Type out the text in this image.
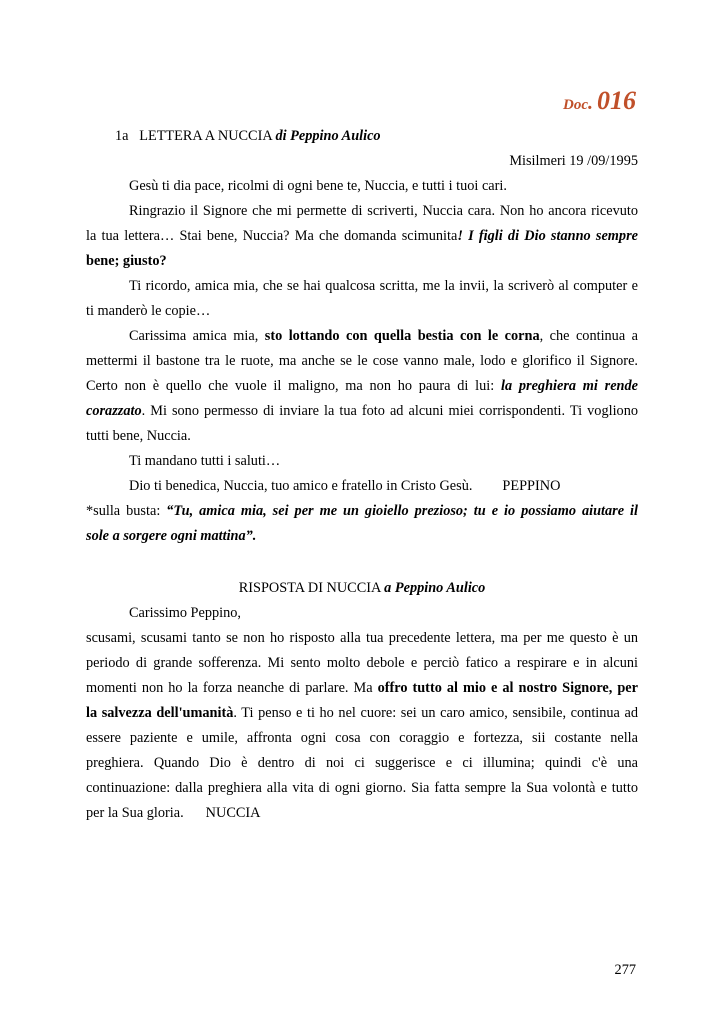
Doc. 016
1a LETTERA A NUCCIA di Peppino Aulico
Misilmeri 19 /09/1995
Gesù ti dia pace, ricolmi di ogni bene te, Nuccia, e tutti i tuoi cari.
Ringrazio il Signore che mi permette di scriverti, Nuccia cara. Non ho ancora ricevuto
la tua lettera… Stai bene, Nuccia? Ma che domanda scimunita! I figli di Dio stanno sempre
bene; giusto?
Ti ricordo, amica mia, che se hai qualcosa scritta, me la invii, la scriverò al computer e
ti manderò le copie…
Carissima amica mia, sto lottando con quella bestia con le corna, che continua a
mettermi il bastone tra le ruote, ma anche se le cose vanno male, lodo e glorifico il Signore.
Certo non è quello che vuole il maligno, ma non ho paura di lui: la preghiera mi rende
corazzato. Mi sono permesso di inviare la tua foto ad alcuni miei corrispondenti. Ti vogliono
tutti bene, Nuccia.
Ti mandano tutti i saluti…
Dio ti benedica, Nuccia, tuo amico e fratello in Cristo Gesù. PEPPINO
*sulla busta: “Tu, amica mia, sei per me un gioiello prezioso; tu e io possiamo aiutare il
sole a sorgere ogni mattina”.
RISPOSTA DI NUCCIA a Peppino Aulico
Carissimo Peppino,
scusami, scusami tanto se non ho risposto alla tua precedente lettera, ma per me questo è un
periodo di grande sofferenza. Mi sento molto debole e perciò fatico a respirare e in alcuni
momenti non ho la forza neanche di parlare. Ma offro tutto al mio e al nostro Signore, per
la salvezza dell'umanità. Ti penso e ti ho nel cuore: sei un caro amico, sensibile, continua ad
essere paziente e umile, affronta ogni cosa con coraggio e fortezza, sii costante nella
preghiera. Quando Dio è dentro di noi ci suggerisce e ci illumina; quindi c'è una
continuazione: dalla preghiera alla vita di ogni giorno. Sia fatta sempre la Sua volontà e tutto
per la Sua gloria. NUCCIA
277
